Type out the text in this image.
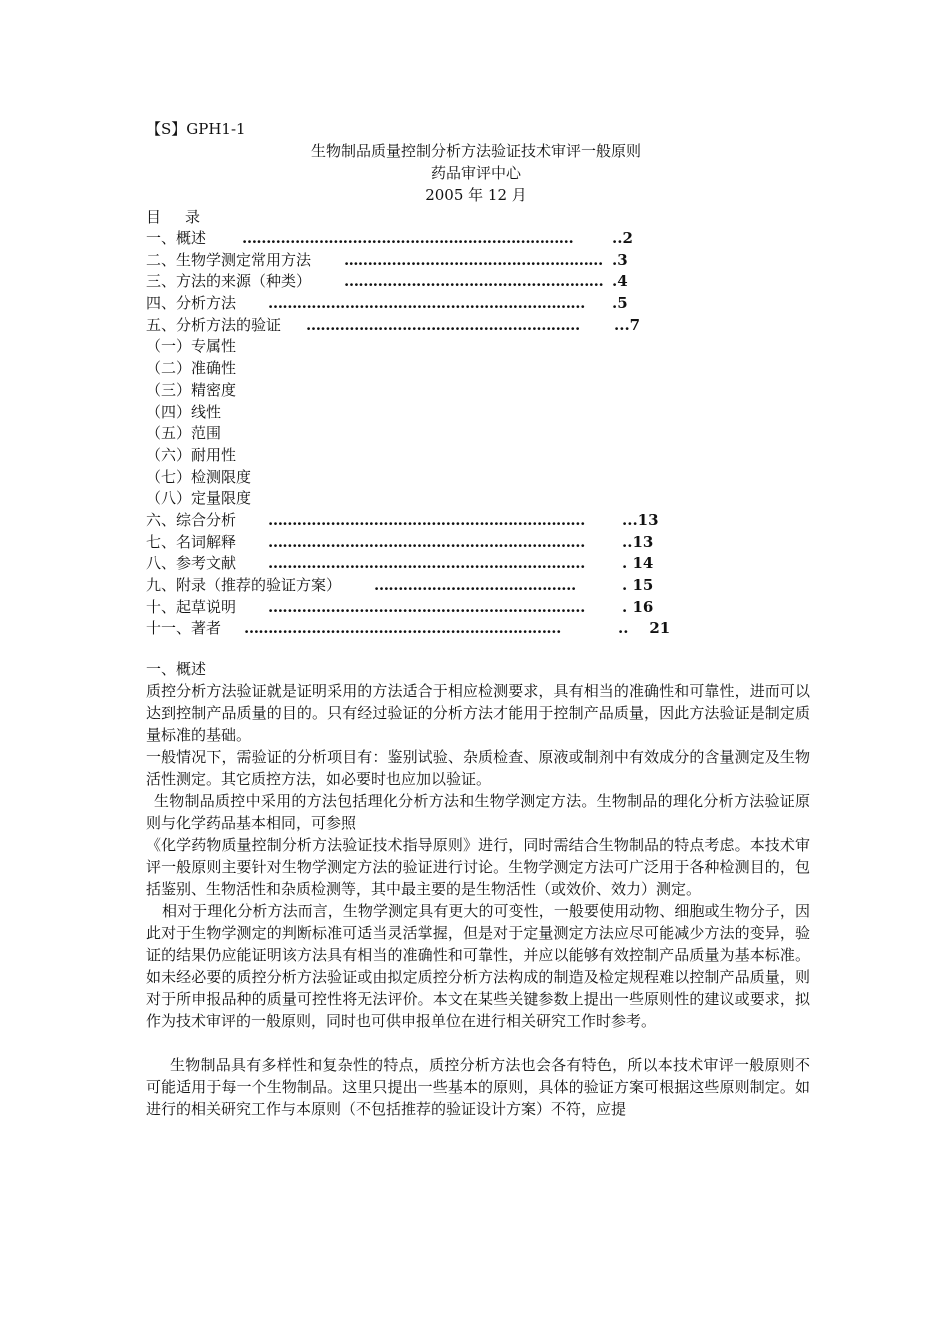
【S】GPH1-1
生物制品质量控制分析方法验证技术审评一般原则
药品审评中心
2005 年 12 月
目 录
一、概述 ……………………………………………………………	..2
二、生物学测定常用方法 ...…………………………………………… .3
三、方法的来源（种类） ……………………………………………… .4
四、分析方法 …………………………………………………………	.5
五、分析方法的验证 …………………………………………………	...7
（一）专属性
（二）准确性
（三）精密度
（四）线性
（五）范围
（六）耐用性
（七）检测限度
（八）定量限度
六、综合分析 …………………………………………………………	...13
七、名词解释 …………………………………………………………	..13
八、参考文献 …………………………………………………………	. 14
九、附录（推荐的验证方案） ……………………………………	. 15
十、起草说明 …………………………………………………………	. 16
十一、著者 …………………………………………………………	..    21

一、概述

质控分析方法验证就是证明采用的方法适合于相应检测要求，具有相当的准确性和可靠性，进而可以达到控制产品质量的目的。只有经过验证的分析方法才能用于控制产品质量，因此方法验证是制定质量标准的基础。

一般情况下，需验证的分析项目有：鉴别试验、杂质检查、原液或制剂中有效成分的含量测定及生物活性测定。其它质控方法，如必要时也应加以验证。

生物制品质控中采用的方法包括理化分析方法和生物学测定方法。生物制品的理化分析方法验证原则与化学药品基本相同，可参照

《化学药物质量控制分析方法验证技术指导原则》进行，同时需结合生物制品的特点考虑。本技术审评一般原则主要针对生物学测定方法的验证进行讨论。生物学测定方法可广泛用于各种检测目的，包括鉴别、生物活性和杂质检测等，其中最主要的是生物活性（或效价、效力）测定。

相对于理化分析方法而言，生物学测定具有更大的可变性，一般要使用动物、细胞或生物分子，因此对于生物学测定的判断标准可适当灵活掌握，但是对于定量测定方法应尽可能减少方法的变异，验证的结果仍应能证明该方法具有相当的准确性和可靠性，并应以能够有效控制产品质量为基本标准。如未经必要的质控分析方法验证或由拟定质控分析方法构成的制造及检定规程难以控制产品质量，则对于所申报品种的质量可控性将无法评价。本文在某些关键参数上提出一些原则性的建议或要求，拟作为技术审评的一般原则，同时也可供申报单位在进行相关研究工作时参考。

生物制品具有多样性和复杂性的特点，质控分析方法也会各有特色，所以本技术审评一般原则不可能适用于每一个生物制品。这里只提出一些基本的原则，具体的验证方案可根据这些原则制定。如进行的相关研究工作与本原则（不包括推荐的验证设计方案）不符，应提
